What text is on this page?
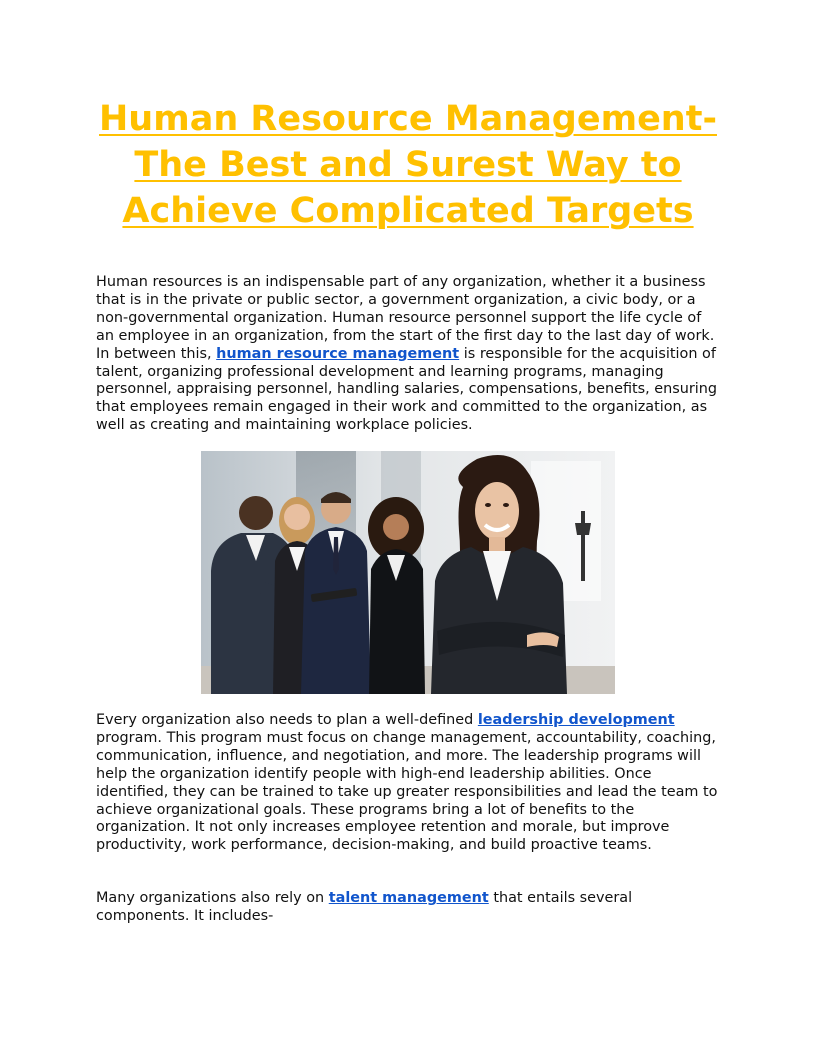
Human Resource Management- The Best and Surest Way to Achieve Complicated Targets

Human resources is an indispensable part of any organization, whether it a business that is in the private or public sector, a government organization, a civic body, or a non-governmental organization. Human resource personnel support the life cycle of an employee in an organization, from the start of the first day to the last day of work. In between this, human resource management is responsible for the acquisition of talent, organizing professional development and learning programs, managing personnel, appraising personnel, handling salaries, compensations, benefits, ensuring that employees remain engaged in their work and committed to the organization, as well as creating and maintaining workplace policies.

Every organization also needs to plan a well-defined leadership development program. This program must focus on change management, accountability, coaching, communication, influence, and negotiation, and more. The leadership programs will help the organization identify people with high-end leadership abilities. Once identified, they can be trained to take up greater responsibilities and lead the team to achieve organizational goals. These programs bring a lot of benefits to the organization. It not only increases employee retention and morale, but improve productivity, work performance, decision-making, and build proactive teams.

Many organizations also rely on talent management that entails several components. It includes-
